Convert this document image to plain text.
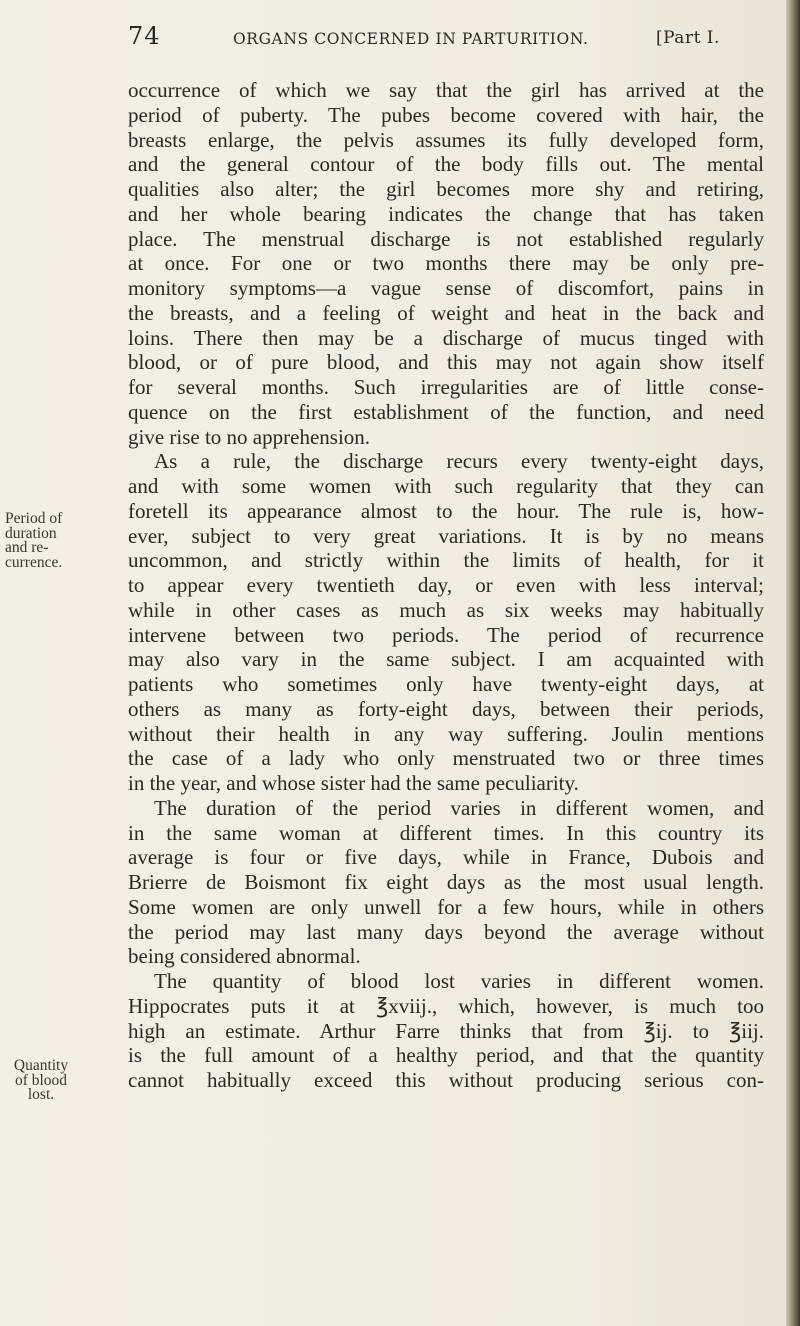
74	ORGANS CONCERNED IN PARTURITION.	[Part I.
Period of
duration
and re-
currence.
Quantity
of blood
lost.
occurrence of which we say that the girl has arrived at the
period of puberty. The pubes become covered with hair, the
breasts enlarge, the pelvis assumes its fully developed form,
and the general contour of the body fills out. The mental
qualities also alter; the girl becomes more shy and retiring,
and her whole bearing indicates the change that has taken
place. The menstrual discharge is not established regularly
at once. For one or two months there may be only pre-
monitory symptoms—a vague sense of discomfort, pains in
the breasts, and a feeling of weight and heat in the back and
loins. There then may be a discharge of mucus tinged with
blood, or of pure blood, and this may not again show itself
for several months. Such irregularities are of little conse-
quence on the first establishment of the function, and need
give rise to no apprehension.
As a rule, the discharge recurs every twenty-eight days,
and with some women with such regularity that they can
foretell its appearance almost to the hour. The rule is, how-
ever, subject to very great variations. It is by no means
uncommon, and strictly within the limits of health, for it
to appear every twentieth day, or even with less interval;
while in other cases as much as six weeks may habitually
intervene between two periods. The period of recurrence
may also vary in the same subject. I am acquainted with
patients who sometimes only have twenty-eight days, at
others as many as forty-eight days, between their periods,
without their health in any way suffering. Joulin mentions
the case of a lady who only menstruated two or three times
in the year, and whose sister had the same peculiarity.
The duration of the period varies in different women, and
in the same woman at different times. In this country its
average is four or five days, while in France, Dubois and
Brierre de Boismont fix eight days as the most usual length.
Some women are only unwell for a few hours, while in others
the period may last many days beyond the average without
being considered abnormal.
The quantity of blood lost varies in different women.
Hippocrates puts it at ℥xviij., which, however, is much too
high an estimate. Arthur Farre thinks that from ℥ij. to ℥iij.
is the full amount of a healthy period, and that the quantity
cannot habitually exceed this without producing serious con-
